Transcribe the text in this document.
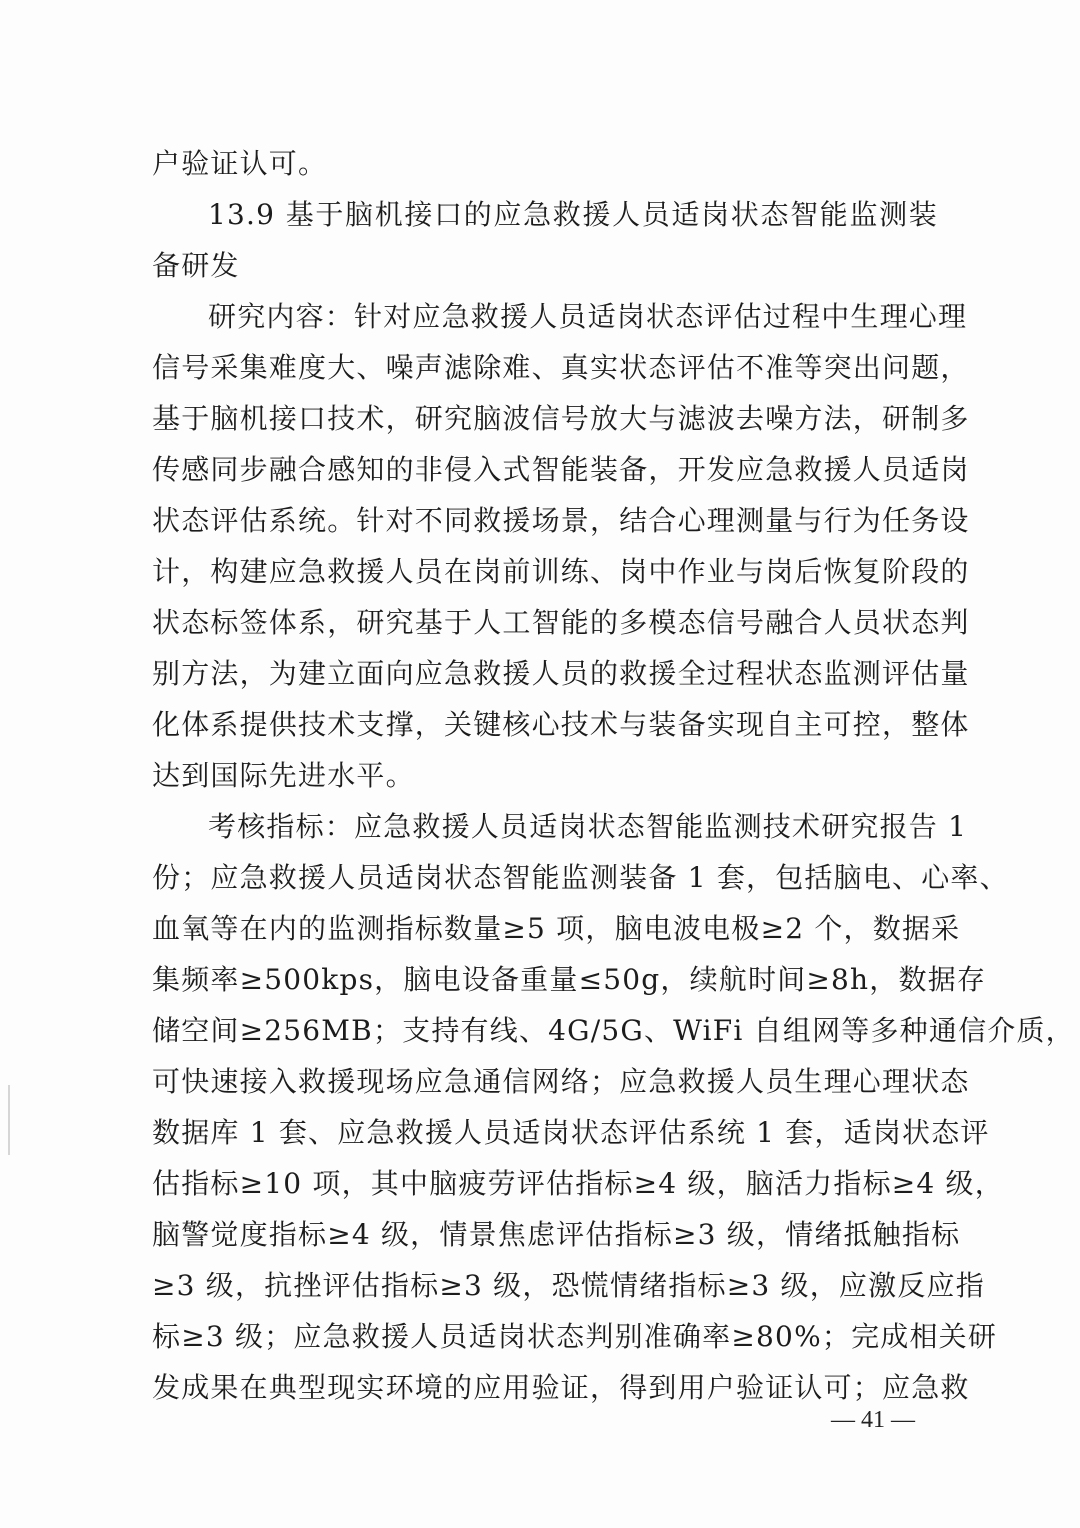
户验证认可。
13.9 基于脑机接口的应急救援人员适岗状态智能监测装
备研发
研究内容：针对应急救援人员适岗状态评估过程中生理心理
信号采集难度大、噪声滤除难、真实状态评估不准等突出问题，
基于脑机接口技术，研究脑波信号放大与滤波去噪方法，研制多
传感同步融合感知的非侵入式智能装备，开发应急救援人员适岗
状态评估系统。针对不同救援场景，结合心理测量与行为任务设
计，构建应急救援人员在岗前训练、岗中作业与岗后恢复阶段的
状态标签体系，研究基于人工智能的多模态信号融合人员状态判
别方法，为建立面向应急救援人员的救援全过程状态监测评估量
化体系提供技术支撑，关键核心技术与装备实现自主可控，整体
达到国际先进水平。
考核指标：应急救援人员适岗状态智能监测技术研究报告 1
份；应急救援人员适岗状态智能监测装备 1 套，包括脑电、心率、
血氧等在内的监测指标数量≥5 项，脑电波电极≥2 个，数据采
集频率≥500kps，脑电设备重量≤50g，续航时间≥8h，数据存
储空间≥256MB；支持有线、4G/5G、WiFi 自组网等多种通信介质，
可快速接入救援现场应急通信网络；应急救援人员生理心理状态
数据库 1 套、应急救援人员适岗状态评估系统 1 套，适岗状态评
估指标≥10 项，其中脑疲劳评估指标≥4 级，脑活力指标≥4 级，
脑警觉度指标≥4 级，情景焦虑评估指标≥3 级，情绪抵触指标
≥3 级，抗挫评估指标≥3 级，恐慌情绪指标≥3 级，应激反应指
标≥3 级；应急救援人员适岗状态判别准确率≥80%；完成相关研
发成果在典型现实环境的应用验证，得到用户验证认可；应急救
— 41 —
